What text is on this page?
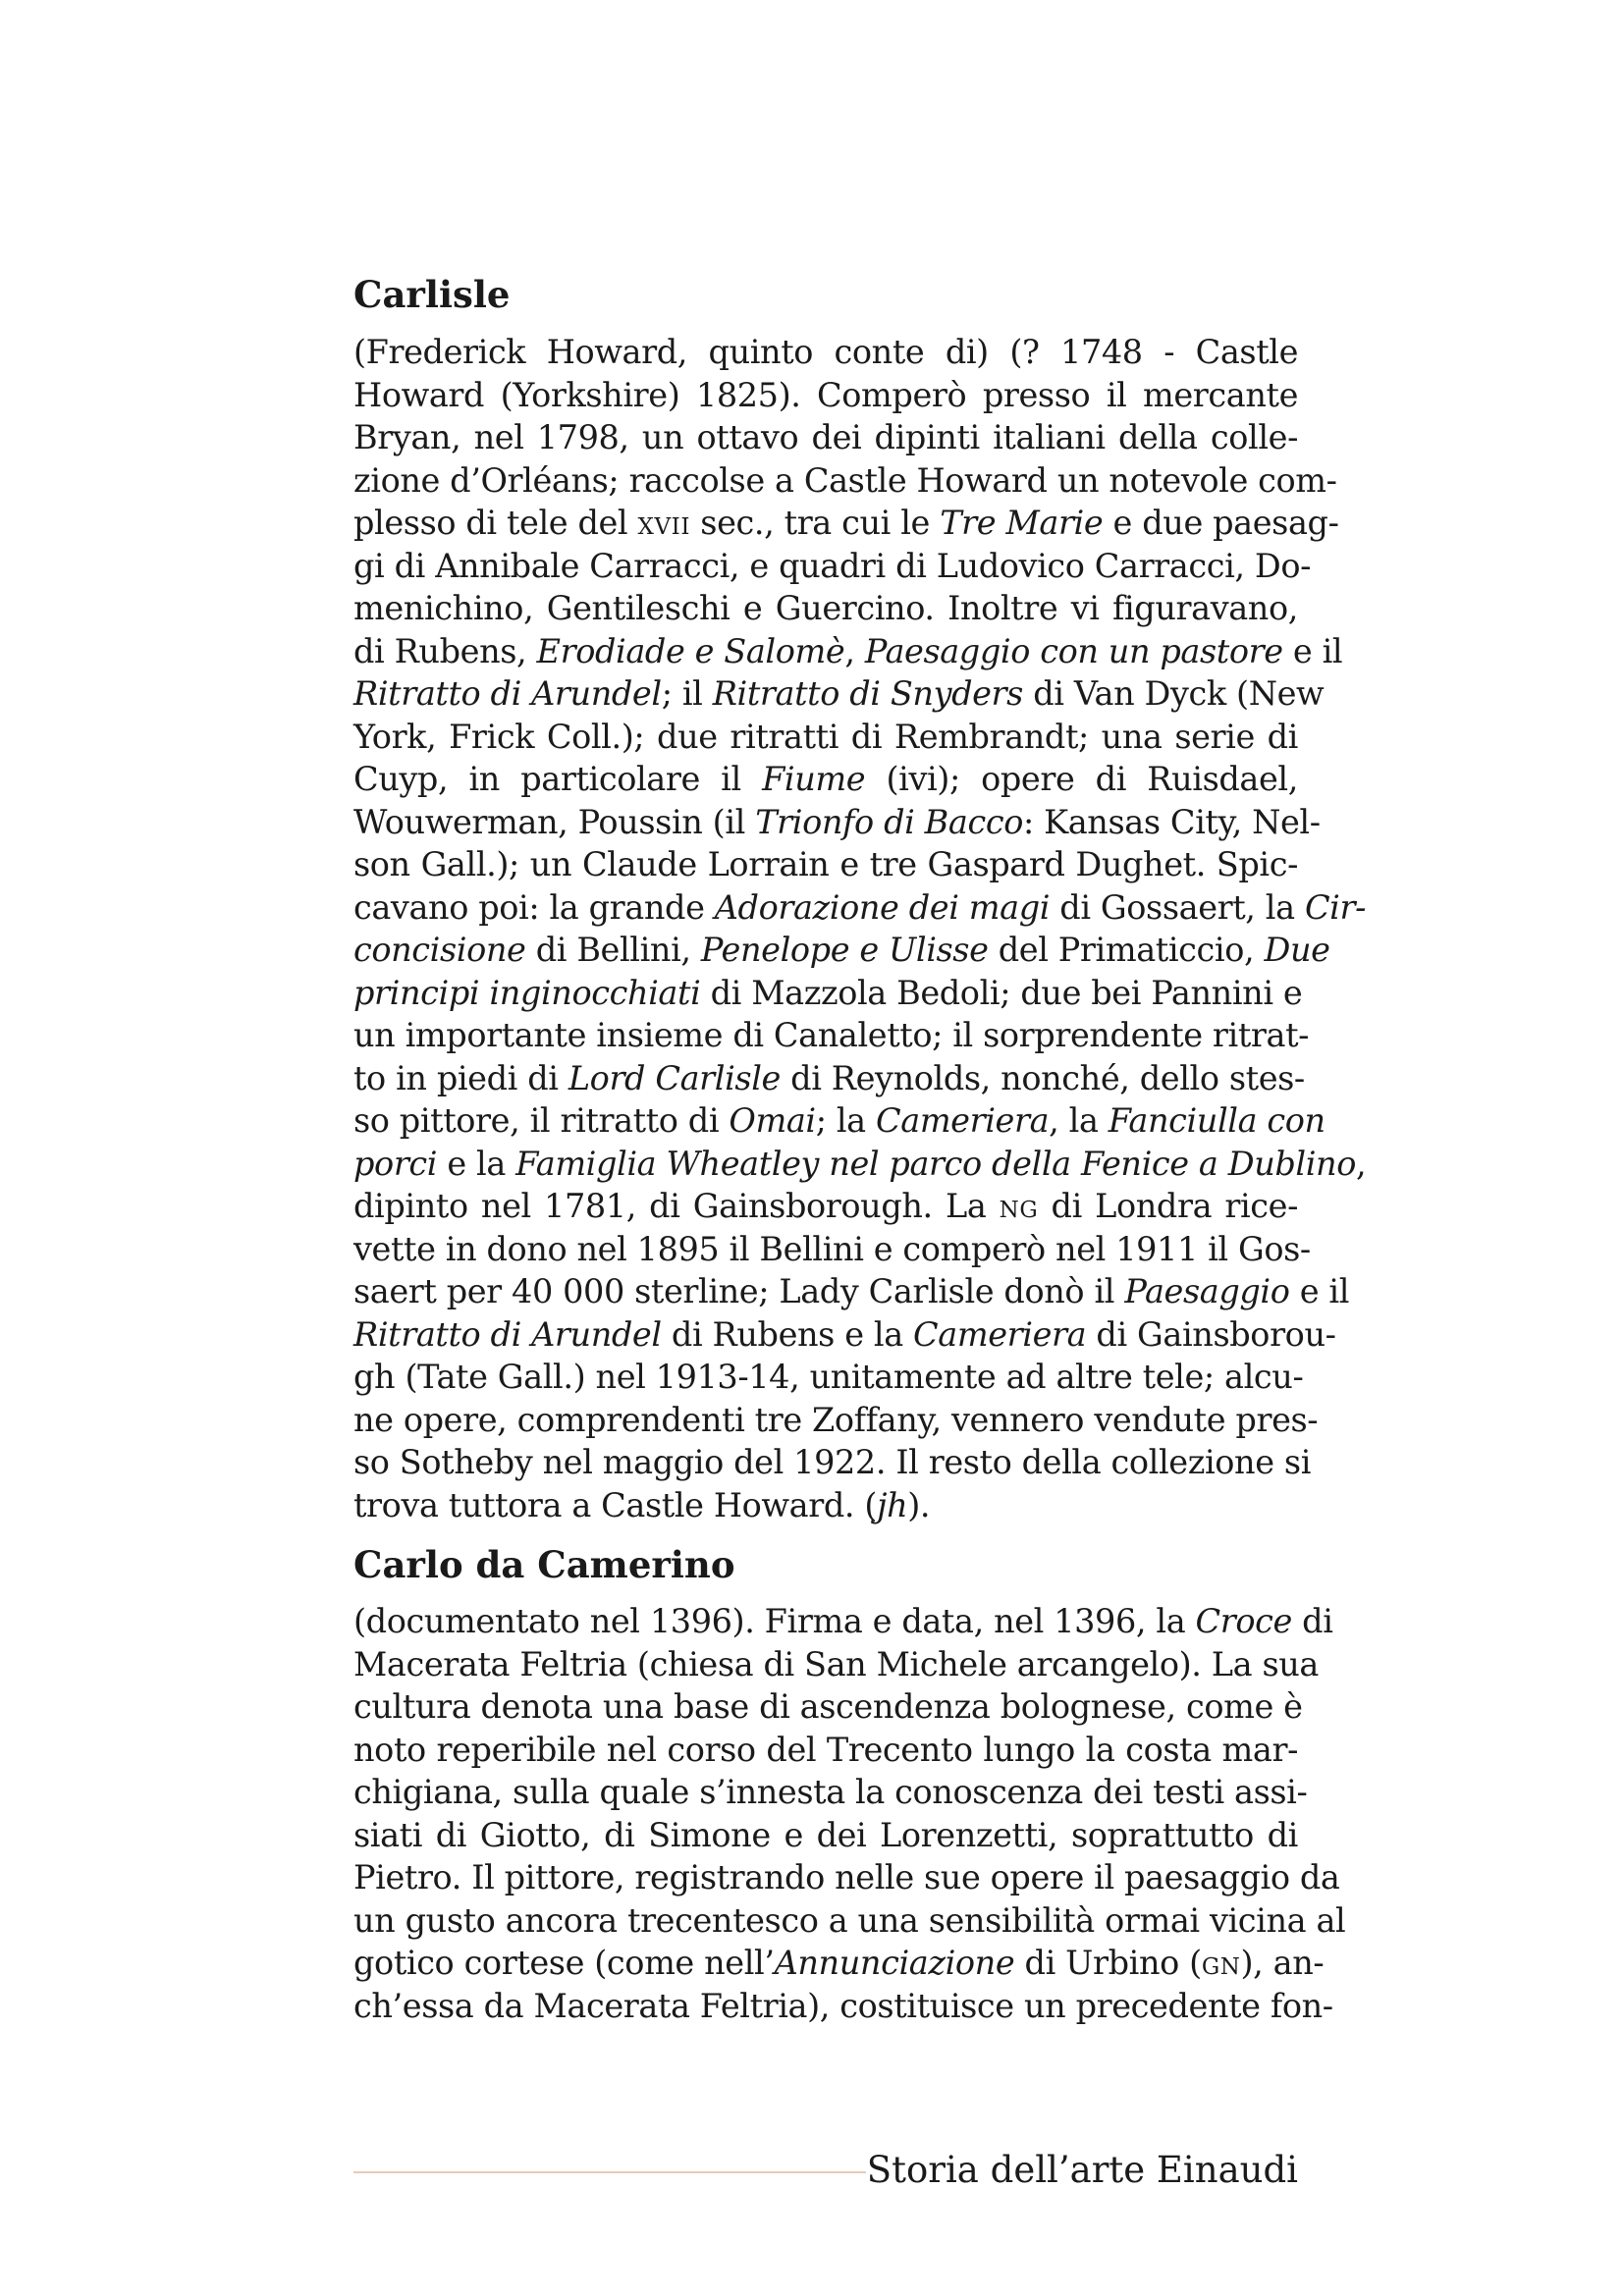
Carlisle
(Frederick Howard, quinto conte di) (? 1748 - Castle
Howard (Yorkshire) 1825). Comperò presso il mercante
Bryan, nel 1798, un ottavo dei dipinti italiani della colle-
zione d’Orléans; raccolse a Castle Howard un notevole com-
plesso di tele del XVII sec., tra cui le Tre Marie e due paesag-
gi di Annibale Carracci, e quadri di Ludovico Carracci, Do-
menichino, Gentileschi e Guercino. Inoltre vi figuravano,
di Rubens, Erodiade e Salomè, Paesaggio con un pastore e il
Ritratto di Arundel; il Ritratto di Snyders di Van Dyck (New
York, Frick Coll.); due ritratti di Rembrandt; una serie di
Cuyp, in particolare il Fiume (ivi); opere di Ruisdael,
Wouwerman, Poussin (il Trionfo di Bacco: Kansas City, Nel-
son Gall.); un Claude Lorrain e tre Gaspard Dughet. Spic-
cavano poi: la grande Adorazione dei magi di Gossaert, la Cir-
concisione di Bellini, Penelope e Ulisse del Primaticcio, Due
principi inginocchiati di Mazzola Bedoli; due bei Pannini e
un importante insieme di Canaletto; il sorprendente ritrat-
to in piedi di Lord Carlisle di Reynolds, nonché, dello stes-
so pittore, il ritratto di Omai; la Cameriera, la Fanciulla con
porci e la Famiglia Wheatley nel parco della Fenice a Dublino,
dipinto nel 1781, di Gainsborough. La NG di Londra rice-
vette in dono nel 1895 il Bellini e comperò nel 1911 il Gos-
saert per 40 000 sterline; Lady Carlisle donò il Paesaggio e il
Ritratto di Arundel di Rubens e la Cameriera di Gainsborou-
gh (Tate Gall.) nel 1913-14, unitamente ad altre tele; alcu-
ne opere, comprendenti tre Zoffany, vennero vendute pres-
so Sotheby nel maggio del 1922. Il resto della collezione si
trova tuttora a Castle Howard. (jh).
Carlo da Camerino
(documentato nel 1396). Firma e data, nel 1396, la Croce di
Macerata Feltria (chiesa di San Michele arcangelo). La sua
cultura denota una base di ascendenza bolognese, come è
noto reperibile nel corso del Trecento lungo la costa mar-
chigiana, sulla quale s’innesta la conoscenza dei testi assi-
siati di Giotto, di Simone e dei Lorenzetti, soprattutto di
Pietro. Il pittore, registrando nelle sue opere il paesaggio da
un gusto ancora trecentesco a una sensibilità ormai vicina al
gotico cortese (come nell’Annunciazione di Urbino (GN), an-
ch’essa da Macerata Feltria), costituisce un precedente fon-
Storia dell’arte Einaudi
